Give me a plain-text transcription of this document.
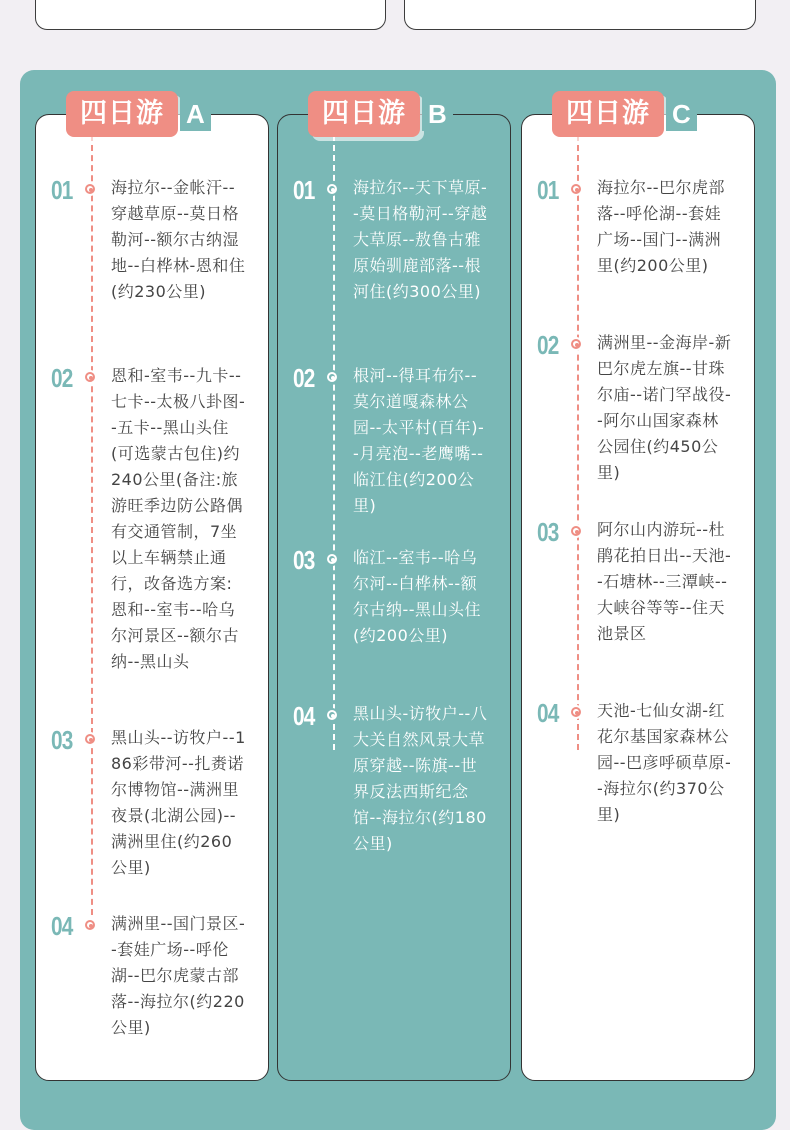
四日游 A
01 海拉尔--金帐汗--穿越草原--莫日格勒河--额尔古纳湿地--白桦林-恩和住(约230公里)
02 恩和-室韦--九卡--七卡--太极八卦图--五卡--黑山头住(可选蒙古包住)约240公里(备注:旅游旺季边防公路偶有交通管制，7坐以上车辆禁止通行，改备选方案:恩和--室韦--哈乌尔河景区--额尔古纳--黑山头
03 黑山头--访牧户--186彩带河--扎赉诺尔博物馆--满洲里夜景(北湖公园)--满洲里住(约260公里)
04 满洲里--国门景区--套娃广场--呼伦湖--巴尔虎蒙古部落--海拉尔(约220公里)
四日游 B
01 海拉尔--天下草原--莫日格勒河--穿越大草原--敖鲁古雅原始驯鹿部落--根河住(约300公里)
02 根河--得耳布尔--莫尔道嘎森林公园--太平村(百年)--月亮泡--老鹰嘴--临江住(约200公里)
03 临江--室韦--哈乌尔河--白桦林--额尔古纳--黑山头住(约200公里)
04 黑山头-访牧户--八大关自然风景大草原穿越--陈旗--世界反法西斯纪念馆--海拉尔(约180公里)
四日游 C
01 海拉尔--巴尔虎部落--呼伦湖--套娃广场--国门--满洲里(约200公里)
02 满洲里--金海岸-新巴尔虎左旗--甘珠尔庙--诺门罕战役--阿尔山国家森林公园住(约450公里)
03 阿尔山内游玩--杜鹃花拍日出--天池--石塘林--三潭峡--大峡谷等等--住天池景区
04 天池-七仙女湖-红花尔基国家森林公园--巴彦呼硕草原--海拉尔(约370公里)
